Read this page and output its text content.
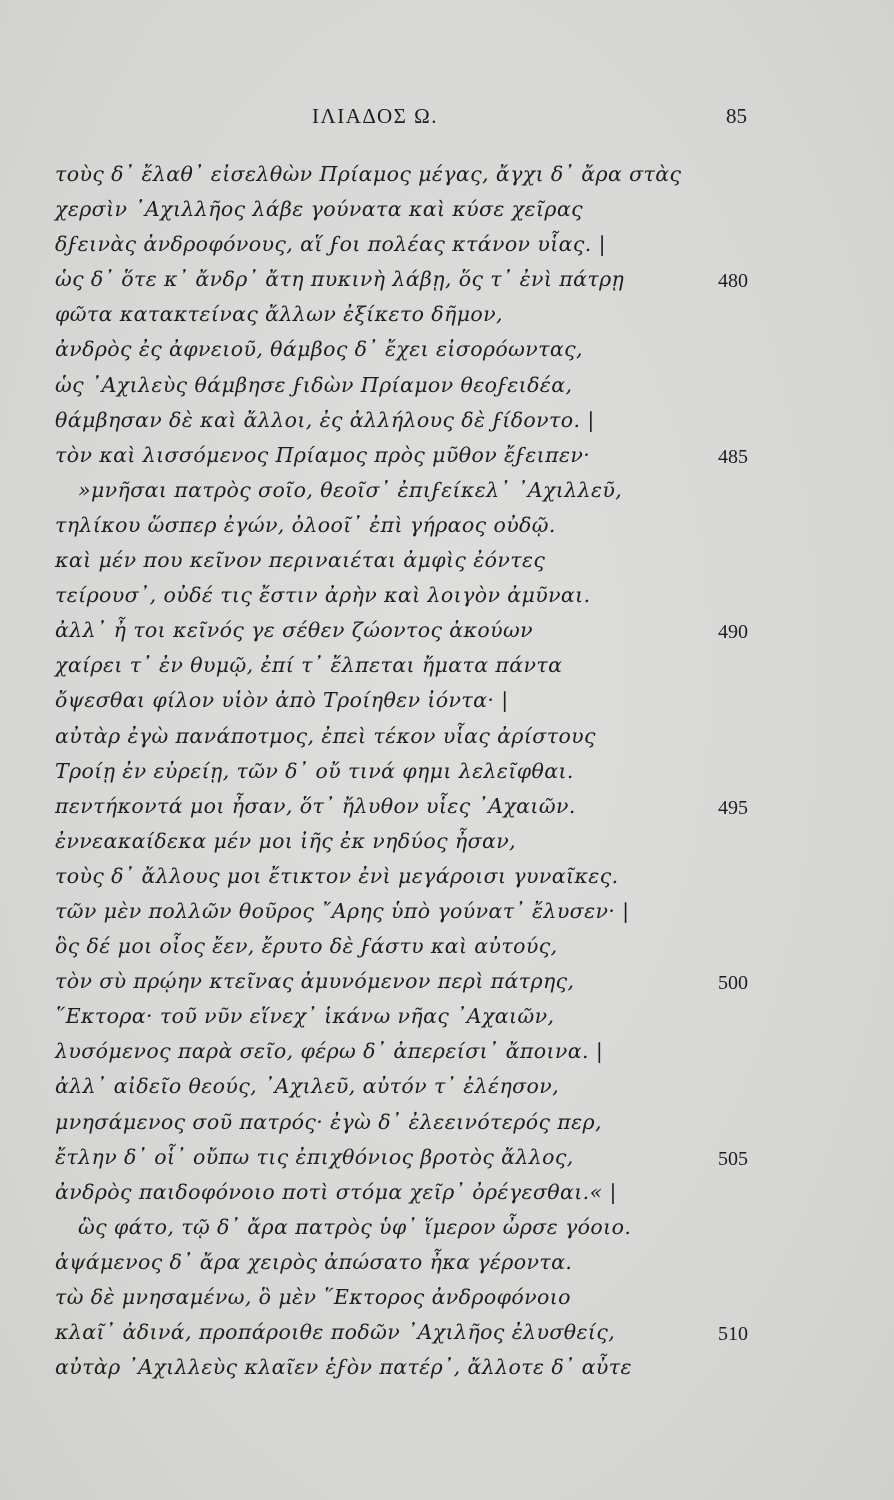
ΙΛΙΑΔΟΣ Ω.	85
τοὺς δ᾽ ἔλαθ᾽ εἰσελθὼν Πρίαμος μέγας, ἄγχι δ᾽ ἄρα στὰς
χερσὶν ᾽Αχιλλῆος λάβε γούνατα καὶ κύσε χεῖρας
δϝεινὰς ἀνδροφόνους, αἵ ϝοι πολέας κτάνον υἷας. |
ὡς δ᾽ ὅτε κ᾽ ἄνδρ᾽ ἄτη πυκινὴ λάβῃ, ὅς τ᾽ ἐνὶ πάτρῃ	480
φῶτα κατακτείνας ἄλλων ἐξίκετο δῆμον,
ἀνδρὸς ἐς ἀφνειοῦ, θάμβος δ᾽ ἔχει εἰσορόωντας,
ὡς ᾽Αχιλεὺς θάμβησε ϝιδὼν Πρίαμον θεοϝειδέα,
θάμβησαν δὲ καὶ ἄλλοι, ἐς ἀλλήλους δὲ ϝίδοντο. |
τὸν καὶ λισσόμενος Πρίαμος πρὸς μῦθον ἔϝειπεν·	485
»μνῆσαι πατρὸς σοῖο, θεοῖσ᾽ ἐπιϝείκελ᾽ ᾽Αχιλλεῦ,
τηλίκου ὥσπερ ἐγών, ὀλοοῖ᾽ ἐπὶ γήραος οὐδῷ.
καὶ μέν που κεῖνον περιναιέται ἀμφὶς ἐόντες
τείρουσ᾽, οὐδέ τις ἔστιν ἀρὴν καὶ λοιγὸν ἀμῦναι.
ἀλλ᾽ ἦ τοι κεῖνός γε σέθεν ζώοντος ἀκούων	490
χαίρει τ᾽ ἐν θυμῷ, ἐπί τ᾽ ἔλπεται ἤματα πάντα
ὄψεσθαι φίλον υἱὸν ἀπὸ Τροίηθεν ἰόντα· |
αὐτὰρ ἐγὼ πανάποτμος, ἐπεὶ τέκον υἷας ἀρίστους
Τροίῃ ἐν εὐρείῃ, τῶν δ᾽ οὔ τινά φημι λελεῖφθαι.
πεντήκοντά μοι ἦσαν, ὅτ᾽ ἤλυθον υἷες ᾽Αχαιῶν.	495
ἐννεακαίδεκα μέν μοι ἰῆς ἐκ νηδύος ἦσαν,
τοὺς δ᾽ ἄλλους μοι ἔτικτον ἐνὶ μεγάροισι γυναῖκες.
τῶν μὲν πολλῶν θοῦρος ῎Αρης ὑπὸ γούνατ᾽ ἔλυσεν· |
ὃς δέ μοι οἶος ἔεν, ἔρυτο δὲ ϝάστυ καὶ αὐτούς,
τὸν σὺ πρῴην κτεῖνας ἀμυνόμενον περὶ πάτρης,	500
῞Εκτορα· τοῦ νῦν εἵνεχ᾽ ἱκάνω νῆας ᾽Αχαιῶν,
λυσόμενος παρὰ σεῖο, φέρω δ᾽ ἀπερείσι᾽ ἄποινα. |
ἀλλ᾽ αἰδεῖο θεούς, ᾽Αχιλεῦ, αὐτόν τ᾽ ἐλέησον,
μνησάμενος σοῦ πατρός· ἐγὼ δ᾽ ἐλεεινότερός περ,
ἔτλην δ᾽ οἷ᾽ οὔπω τις ἐπιχθόνιος βροτὸς ἄλλος,	505
ἀνδρὸς παιδοφόνοιο ποτὶ στόμα χεῖρ᾽ ὀρέγεσθαι.« |
ὣς φάτο, τῷ δ᾽ ἄρα πατρὸς ὑφ᾽ ἵμερον ὦρσε γόοιο.
ἁψάμενος δ᾽ ἄρα χειρὸς ἀπώσατο ἦκα γέροντα.
τὼ δὲ μνησαμένω, ὃ μὲν ῞Εκτορος ἀνδροφόνοιο
κλαῖ᾽ ἀδινά, προπάροιθε ποδῶν ᾽Αχιλῆος ἐλυσθείς,	510
αὐτὰρ ᾽Αχιλλεὺς κλαῖεν ἑϝὸν πατέρ᾽, ἄλλοτε δ᾽ αὖτε
